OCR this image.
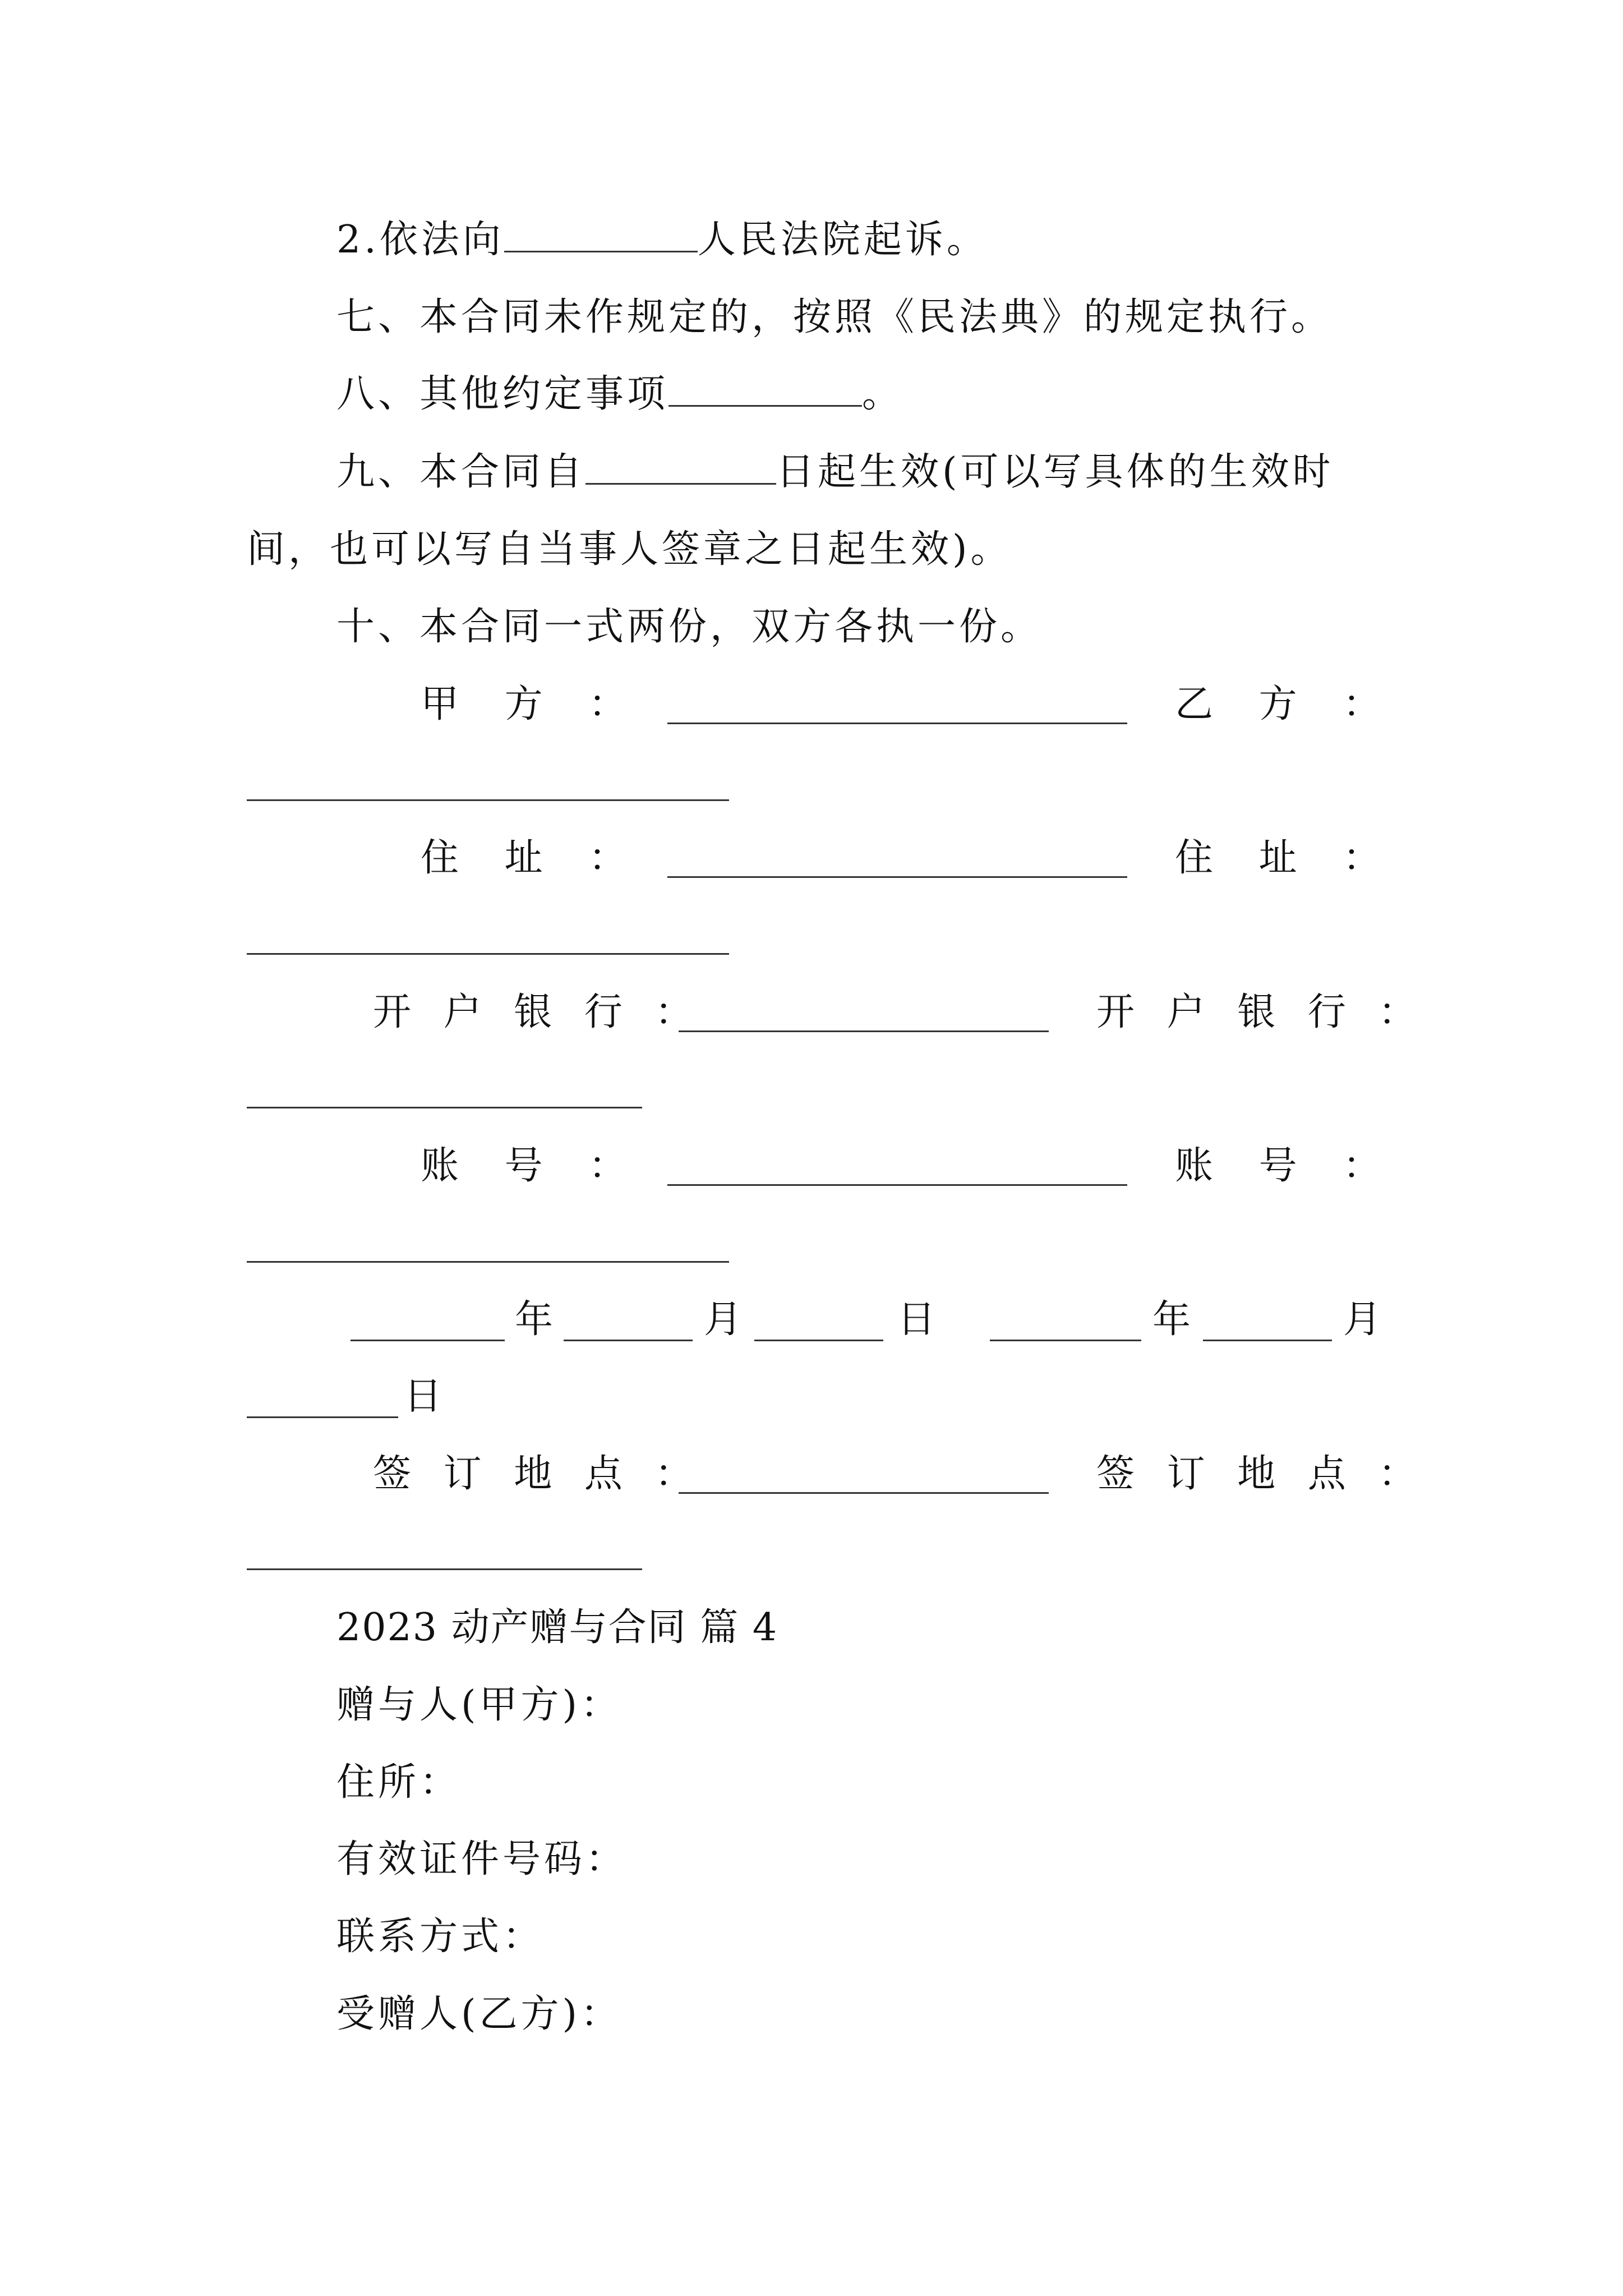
2.依法向	人民法院起诉。
七、本合同未作规定的，按照《民法典》的规定执行。
八、其他约定事项	。
九、本合同自	日起生效(可以写具体的生效时
间，也可以写自当事人签章之日起生效)。
十、本合同一式两份，双方各执一份。
甲 方 ：	乙 方 ：
住 址 ：	住 址 ：
开 户 银 行 ：	开 户 银 行 ：
账 号 ：	账 号 ：
年	月	日	年	月
日
签 订 地 点 ：	签 订 地 点 ：
2023 动产赠与合同 篇 4
赠与人(甲方)：
住所：
有效证件号码：
联系方式：
受赠人(乙方)：
